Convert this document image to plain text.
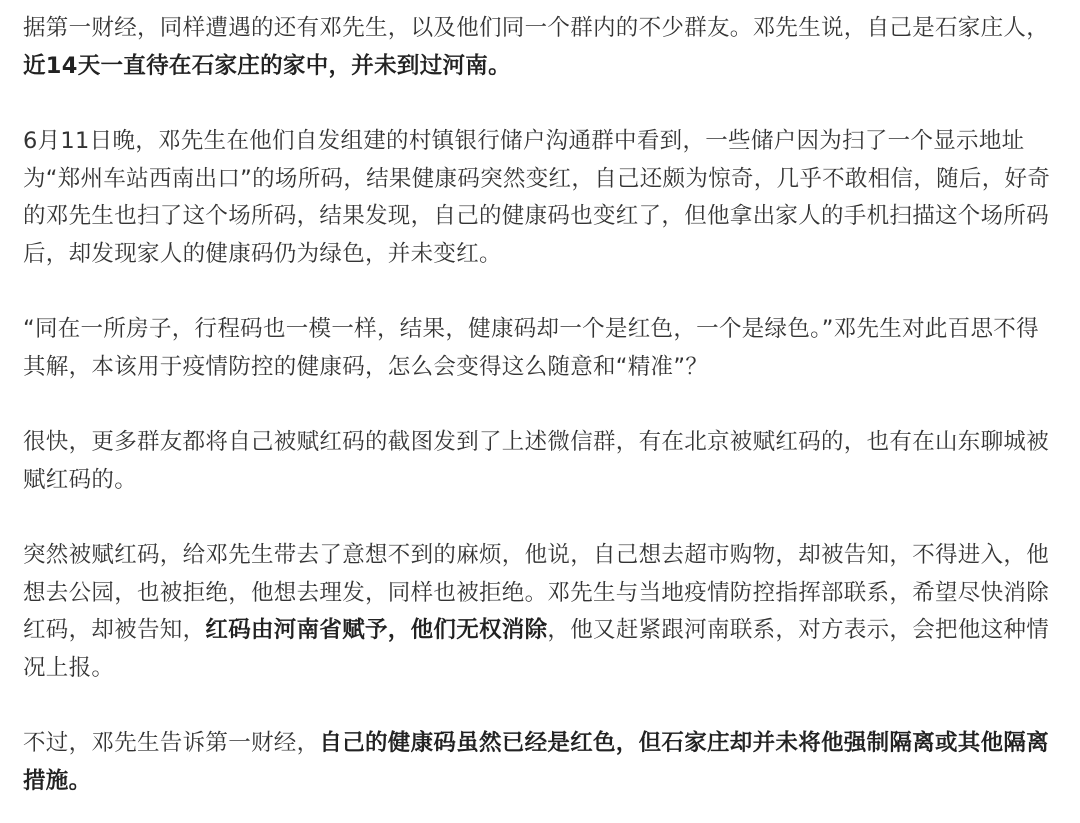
据第一财经，同样遭遇的还有邓先生，以及他们同一个群内的不少群友。邓先生说，自己是石家庄人，近14天一直待在石家庄的家中，并未到过河南。

6月11日晚，邓先生在他们自发组建的村镇银行储户沟通群中看到，一些储户因为扫了一个显示地址为“郑州车站西南出口”的场所码，结果健康码突然变红，自己还颇为惊奇，几乎不敢相信，随后，好奇的邓先生也扫了这个场所码，结果发现，自己的健康码也变红了，但他拿出家人的手机扫描这个场所码后，却发现家人的健康码仍为绿色，并未变红。

“同在一所房子，行程码也一模一样，结果，健康码却一个是红色，一个是绿色。”邓先生对此百思不得其解，本该用于疫情防控的健康码，怎么会变得这么随意和“精准”？

很快，更多群友都将自己被赋红码的截图发到了上述微信群，有在北京被赋红码的，也有在山东聊城被赋红码的。

突然被赋红码，给邓先生带去了意想不到的麻烦，他说，自己想去超市购物，却被告知，不得进入，他想去公园，也被拒绝，他想去理发，同样也被拒绝。邓先生与当地疫情防控指挥部联系，希望尽快消除红码，却被告知，红码由河南省赋予，他们无权消除，他又赶紧跟河南联系，对方表示，会把他这种情况上报。

不过，邓先生告诉第一财经，自己的健康码虽然已经是红色，但石家庄却并未将他强制隔离或其他隔离措施。
